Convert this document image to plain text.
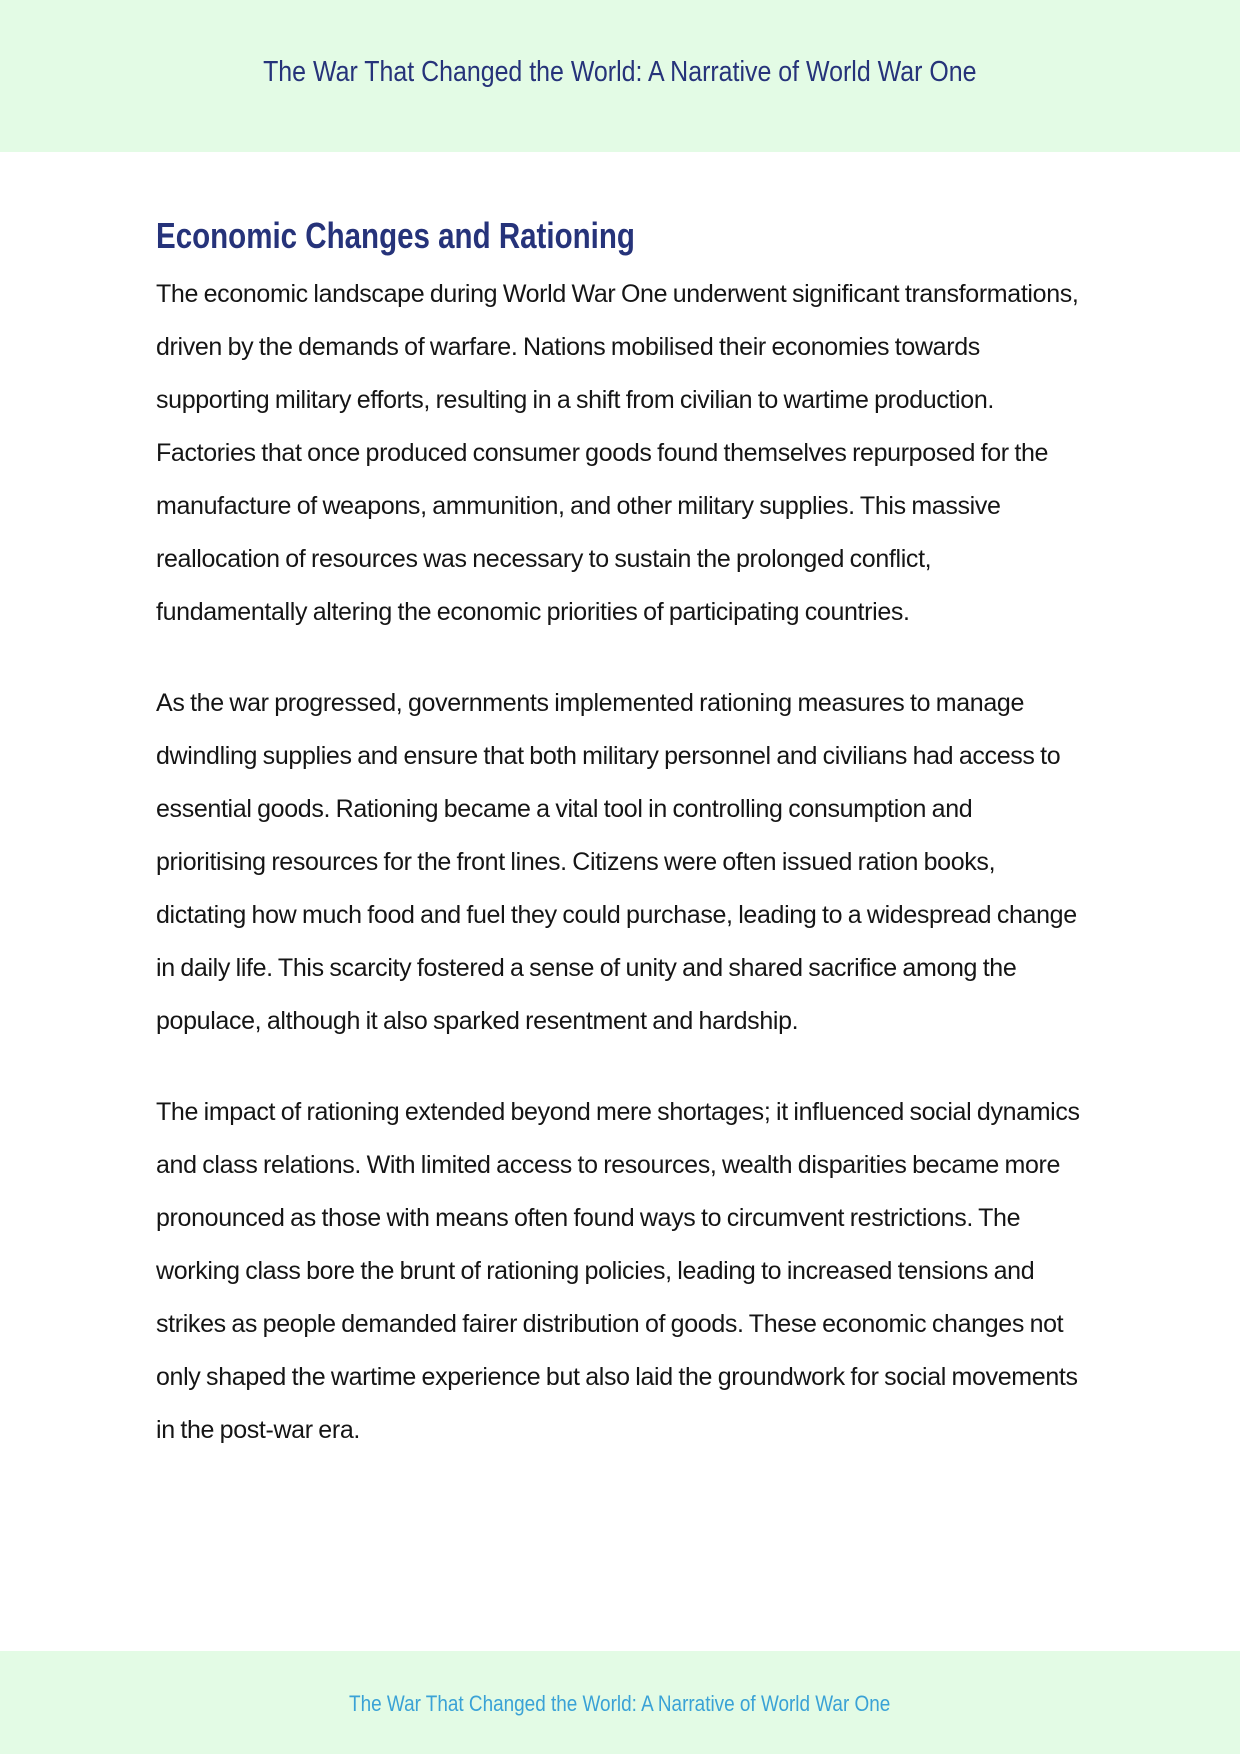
The War That Changed the World: A Narrative of World War One
Economic Changes and Rationing

The economic landscape during World War One underwent significant transformations, driven by the demands of warfare. Nations mobilised their economies towards supporting military efforts, resulting in a shift from civilian to wartime production. Factories that once produced consumer goods found themselves repurposed for the manufacture of weapons, ammunition, and other military supplies. This massive reallocation of resources was necessary to sustain the prolonged conflict, fundamentally altering the economic priorities of participating countries.

As the war progressed, governments implemented rationing measures to manage dwindling supplies and ensure that both military personnel and civilians had access to essential goods. Rationing became a vital tool in controlling consumption and prioritising resources for the front lines. Citizens were often issued ration books, dictating how much food and fuel they could purchase, leading to a widespread change in daily life. This scarcity fostered a sense of unity and shared sacrifice among the populace, although it also sparked resentment and hardship.

The impact of rationing extended beyond mere shortages; it influenced social dynamics and class relations. With limited access to resources, wealth disparities became more pronounced as those with means often found ways to circumvent restrictions. The working class bore the brunt of rationing policies, leading to increased tensions and strikes as people demanded fairer distribution of goods. These economic changes not only shaped the wartime experience but also laid the groundwork for social movements in the post-war era.

The War That Changed the World: A Narrative of World War One
